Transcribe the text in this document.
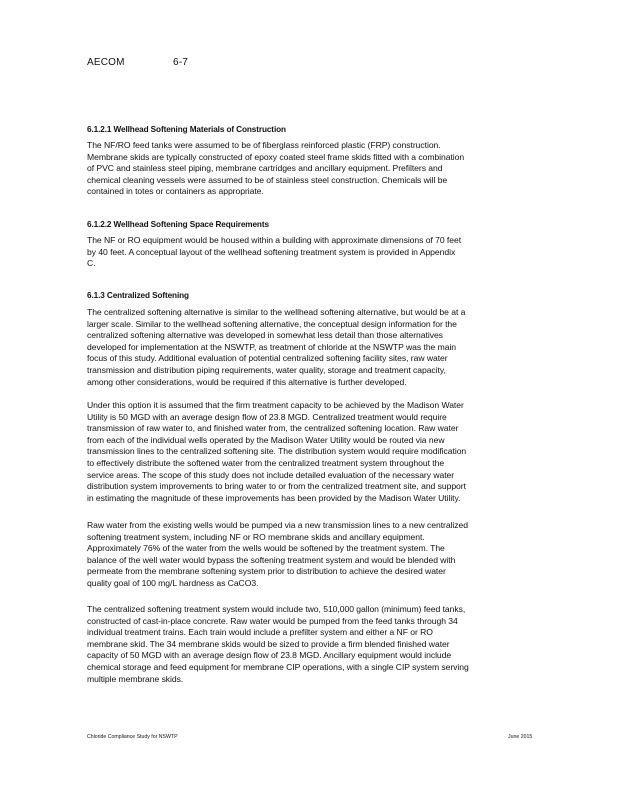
AECOM	6-7
6.1.2.1 Wellhead Softening Materials of Construction
The NF/RO feed tanks were assumed to be of fiberglass reinforced plastic (FRP) construction.
Membrane skids are typically constructed of epoxy coated steel frame skids fitted with a combination
of PVC and stainless steel piping, membrane cartridges and ancillary equipment. Prefilters and
chemical cleaning vessels were assumed to be of stainless steel construction. Chemicals will be
contained in totes or containers as appropriate.
6.1.2.2 Wellhead Softening Space Requirements
The NF or RO equipment would be housed within a building with approximate dimensions of 70 feet
by 40 feet. A conceptual layout of the wellhead softening treatment system is provided in Appendix
C.
6.1.3 Centralized Softening
The centralized softening alternative is similar to the wellhead softening alternative, but would be at a
larger scale. Similar to the wellhead softening alternative, the conceptual design information for the
centralized softening alternative was developed in somewhat less detail than those alternatives
developed for implementation at the NSWTP, as treatment of chloride at the NSWTP was the main
focus of this study. Additional evaluation of potential centralized softening facility sites, raw water
transmission and distribution piping requirements, water quality, storage and treatment capacity,
among other considerations, would be required if this alternative is further developed.
Under this option it is assumed that the firm treatment capacity to be achieved by the Madison Water
Utility is 50 MGD with an average design flow of 23.8 MGD. Centralized treatment would require
transmission of raw water to, and finished water from, the centralized softening location. Raw water
from each of the individual wells operated by the Madison Water Utility would be routed via new
transmission lines to the centralized softening site. The distribution system would require modification
to effectively distribute the softened water from the centralized treatment system throughout the
service areas. The scope of this study does not include detailed evaluation of the necessary water
distribution system improvements to bring water to or from the centralized treatment site, and support
in estimating the magnitude of these improvements has been provided by the Madison Water Utility.
Raw water from the existing wells would be pumped via a new transmission lines to a new centralized
softening treatment system, including NF or RO membrane skids and ancillary equipment.
Approximately 76% of the water from the wells would be softened by the treatment system. The
balance of the well water would bypass the softening treatment system and would be blended with
permeate from the membrane softening system prior to distribution to achieve the desired water
quality goal of 100 mg/L hardness as CaCO3.
The centralized softening treatment system would include two, 510,000 gallon (minimum) feed tanks,
constructed of cast-in-place concrete. Raw water would be pumped from the feed tanks through 34
individual treatment trains. Each train would include a prefilter system and either a NF or RO
membrane skid. The 34 membrane skids would be sized to provide a firm blended finished water
capacity of 50 MGD with an average design flow of 23.8 MGD. Ancillary equipment would include
chemical storage and feed equipment for membrane CIP operations, with a single CIP system serving
multiple membrane skids.
Chloride Compliance Study for NSWTP	June 2015
